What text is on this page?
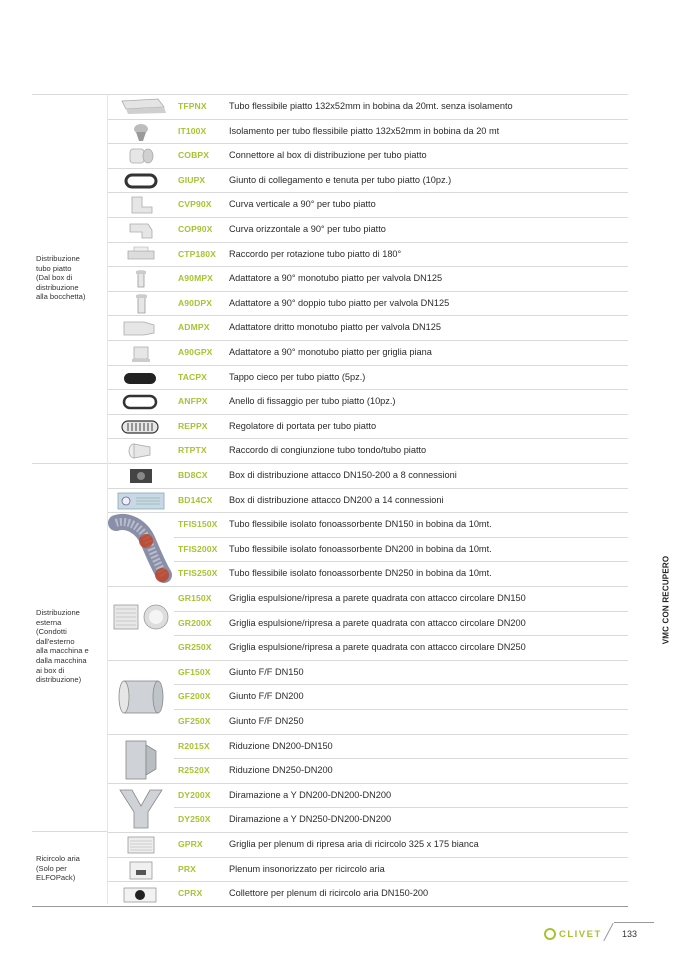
Distribuzione
tubo piatto
(Dal box di
distribuzione
alla bocchetta)
Distribuzione
esterna
(Condotti
dall'esterno
alla macchina e
dalla macchina
ai box di
distribuzione)
Ricircolo aria
(Solo per
ELFOPack)
TFPNX	Tubo flessibile piatto 132x52mm in bobina da 20mt. senza isolamento
IT100X	Isolamento per tubo flessibile piatto 132x52mm in bobina da 20 mt
COBPX	Connettore al box di distribuzione per tubo piatto
GIUPX	Giunto di collegamento e tenuta per tubo piatto (10pz.)
CVP90X	Curva verticale a 90° per tubo piatto
COP90X	Curva orizzontale a 90° per tubo piatto
CTP180X	Raccordo per rotazione tubo piatto di 180°
A90MPX	Adattatore a 90° monotubo piatto per valvola DN125
A90DPX	Adattatore a 90° doppio tubo piatto per valvola DN125
ADMPX	Adattatore dritto monotubo piatto per valvola DN125
A90GPX	Adattatore a 90° monotubo piatto per griglia piana
TACPX	Tappo cieco per tubo piatto (5pz.)
ANFPX	Anello di fissaggio per tubo piatto (10pz.)
REPPX	Regolatore di portata per tubo piatto
RTPTX	Raccordo di congiunzione tubo tondo/tubo piatto
BD8CX	Box di distribuzione attacco DN150-200 a 8 connessioni
BD14CX	Box di distribuzione attacco DN200 a 14 connessioni
TFIS150X	Tubo flessibile isolato fonoassorbente DN150 in bobina da 10mt.
TFIS200X	Tubo flessibile isolato fonoassorbente DN200 in bobina da 10mt.
TFIS250X	Tubo flessibile isolato fonoassorbente DN250 in bobina da 10mt.
GR150X	Griglia espulsione/ripresa a parete quadrata con attacco circolare DN150
GR200X	Griglia espulsione/ripresa a parete quadrata con attacco circolare DN200
GR250X	Griglia espulsione/ripresa a parete quadrata con attacco circolare DN250
GF150X	Giunto F/F DN150
GF200X	Giunto F/F DN200
GF250X	Giunto F/F DN250
R2015X	Riduzione DN200-DN150
R2520X	Riduzione DN250-DN200
DY200X	Diramazione a Y DN200-DN200-DN200
DY250X	Diramazione a Y DN250-DN200-DN200
GPRX	Griglia per plenum di ripresa aria di ricircolo 325 x 175 bianca
PRX	Plenum insonorizzato per ricircolo aria
CPRX	Collettore per plenum di ricircolo aria DN150-200
VMC CON RECUPERO
CLIVET 133
